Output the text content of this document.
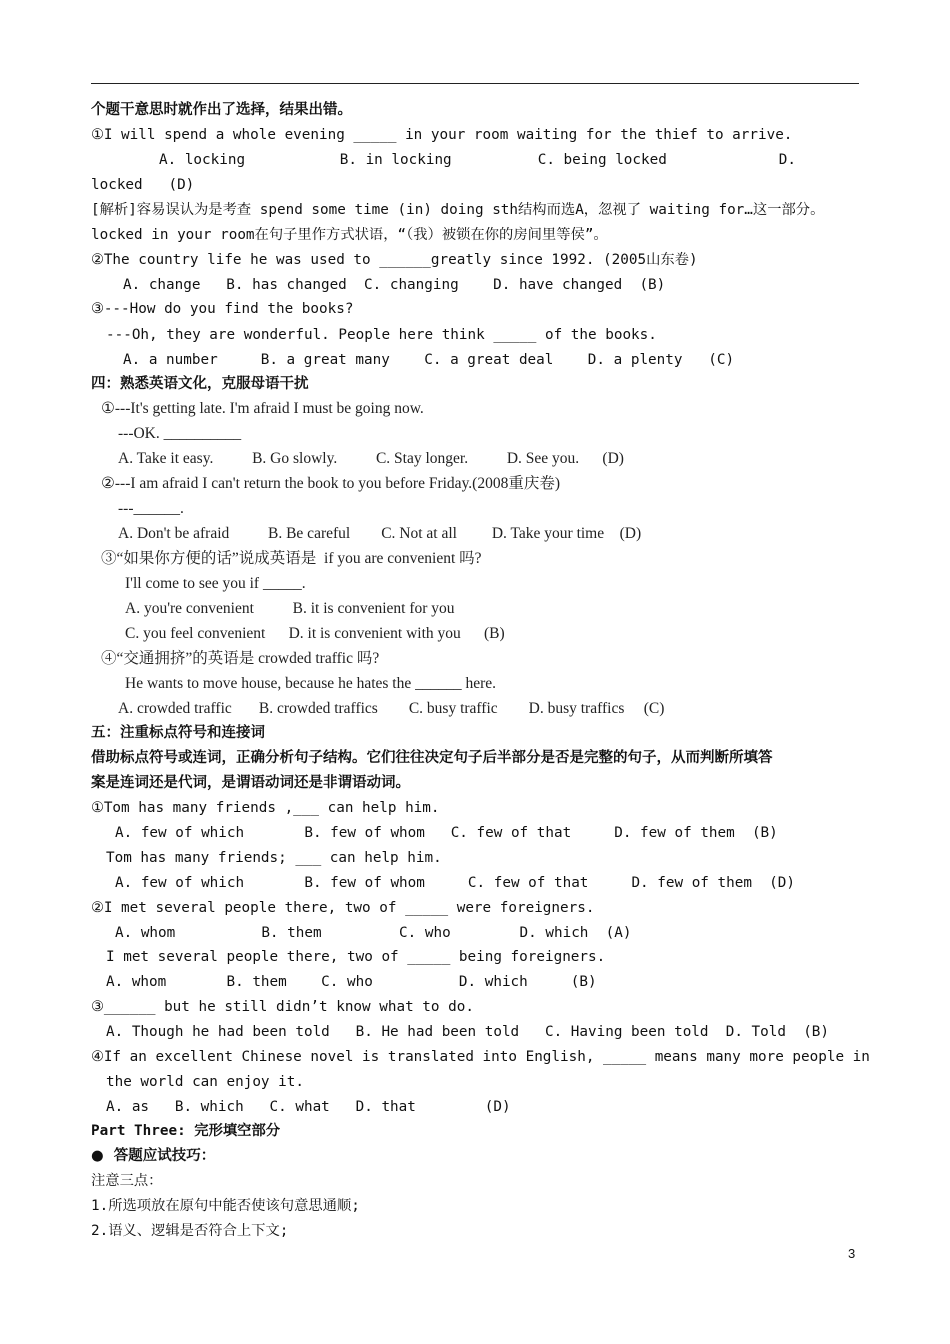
个题干意思时就作出了选择，结果出错。
①I will spend a whole evening _____ in your room waiting for the thief to arrive.
A. locking           B. in locking          C. being locked             D.
locked   (D)
[解析]容易误认为是考查 spend some time (in) doing sth结构而选A，忽视了 waiting for…这一部分。
locked in your room在句子里作方式状语，“（我）被锁在你的房间里等侯”。
②The country life he was used to ______greatly since 1992. (2005山东卷)
A. change   B. has changed  C. changing    D. have changed  (B)
③---How do you find the books?
---Oh, they are wonderful. People here think _____ of the books.
A. a number     B. a great many    C. a great deal    D. a plenty   (C)
四：熟悉英语文化，克服母语干扰
①---It's getting late. I'm afraid I must be going now.
---OK. __________
A. Take it easy.          B. Go slowly.          C. Stay longer.          D. See you.      (D)
②---I am afraid I can't return the book to you before Friday.(2008重庆卷)
---______.
A. Don't be afraid          B. Be careful        C. Not at all         D. Take your time    (D)
③“如果你方便的话”说成英语是  if you are convenient 吗?
I'll come to see you if _____.
A. you're convenient          B. it is convenient for you
C. you feel convenient      D. it is convenient with you      (B)
④“交通拥挤”的英语是 crowded traffic 吗?
He wants to move house, because he hates the ______ here.
A. crowded traffic       B. crowded traffics        C. busy traffic        D. busy traffics     (C)
五：注重标点符号和连接词
借助标点符号或连词，正确分析句子结构。它们往往决定句子后半部分是否是完整的句子，从而判断所填答
案是连词还是代词，是谓语动词还是非谓语动词。
①Tom has many friends ,___ can help him.
A. few of which       B. few of whom   C. few of that     D. few of them  (B)
Tom has many friends; ___ can help him.
A. few of which       B. few of whom     C. few of that     D. few of them  (D)
②I met several people there, two of _____ were foreigners.
A. whom          B. them         C. who        D. which  (A)
I met several people there, two of _____ being foreigners.
A. whom       B. them    C. who          D. which     (B)
③______ but he still didn’t know what to do.
A. Though he had been told   B. He had been told   C. Having been told  D. Told  (B)
④If an excellent Chinese novel is translated into English, _____ means many more people in
the world can enjoy it.
A. as   B. which   C. what   D. that        (D)
Part Three: 完形填空部分
●  答题应试技巧：
注意三点：
1.所选项放在原句中能否使该句意思通顺;
2.语义、逻辑是否符合上下文;
3
